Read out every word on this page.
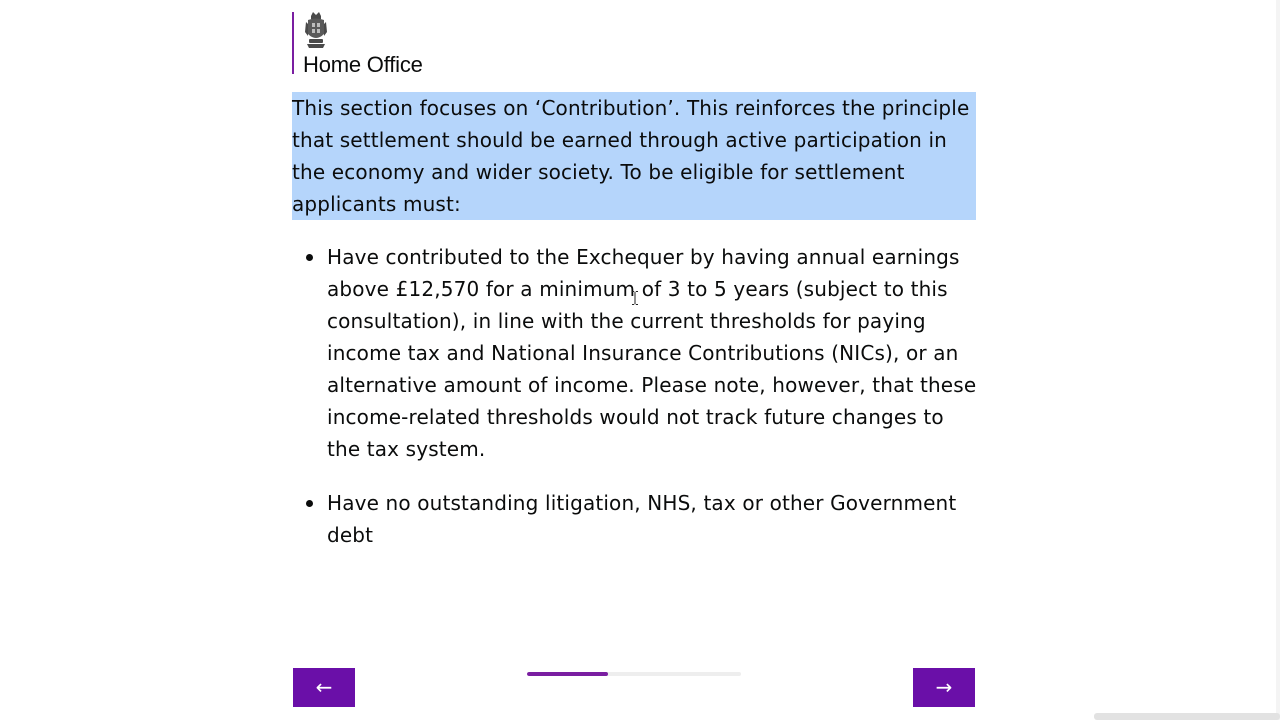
Home Office

This section focuses on ‘Contribution’. This reinforces the principle that settlement should be earned through active participation in the economy and wider society. To be eligible for settlement applicants must:

Have contributed to the Exchequer by having annual earnings above £12,570 for a minimum of 3 to 5 years (subject to this consultation), in line with the current thresholds for paying income tax and National Insurance Contributions (NICs), or an alternative amount of income. Please note, however, that these income-related thresholds would not track future changes to the tax system.
Have no outstanding litigation, NHS, tax or other Government debt
←	→
